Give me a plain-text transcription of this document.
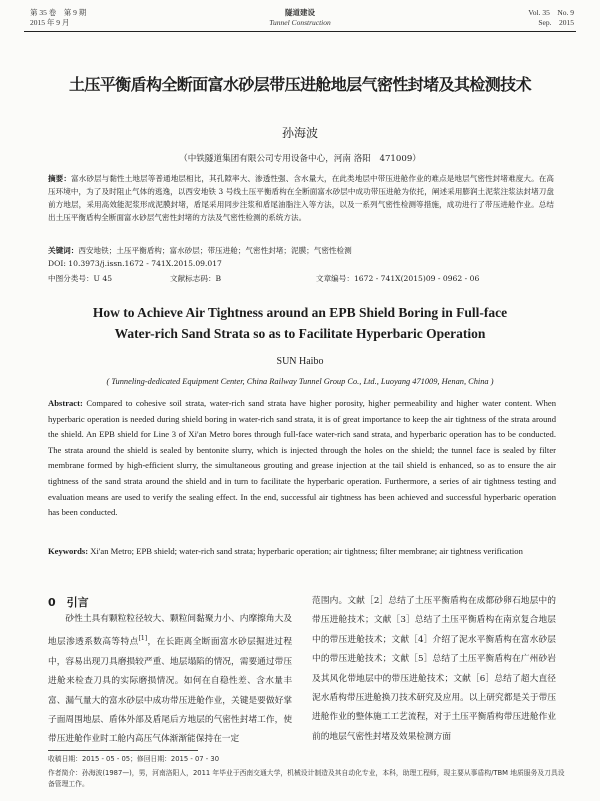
第 35 卷　第 9 期
2015 年 9 月
隧道建设
Tunnel Construction
Vol. 35　No. 9
Sep.　2015
土压平衡盾构全断面富水砂层带压进舱地层气密性封堵及其检测技术
孙海波
（中铁隧道集团有限公司专用设备中心，河南 洛阳　471009）
摘要：富水砂层与黏性土地层等普通地层相比，其孔隙率大、渗透性强、含水量大，在此类地层中带压进舱作业的难点是地层气密性封堵难度大。在高压环境中，为了及时阻止气体的逃逸，以西安地铁 3 号线土压平衡盾构在全断面富水砂层中成功带压进舱为依托，阐述采用膨润土泥浆注浆法封堵刀盘前方地层，采用高效能泥浆形成泥膜封堵，盾尾采用同步注浆和盾尾油脂注入等方法，以及一系列气密性检测等措施，成功进行了带压进舱作业。总结出土压平衡盾构全断面富水砂层气密性封堵的方法及气密性检测的系统方法。
关键词：西安地铁；土压平衡盾构；富水砂层；带压进舱；气密性封堵；泥膜；气密性检测
DOI: 10.3973/j.issn.1672 - 741X.2015.09.017
中图分类号：U 45	文献标志码：B	文章编号：1672 - 741X(2015)09 - 0962 - 06
How to Achieve Air Tightness around an EPB Shield Boring in Full-face
Water-rich Sand Strata so as to Facilitate Hyperbaric Operation
SUN Haibo
( Tunneling-dedicated Equipment Center, China Railway Tunnel Group Co., Ltd., Luoyang 471009, Henan, China )
Abstract: Compared to cohesive soil strata, water-rich sand strata have higher porosity, higher permeability and higher water content. When hyperbaric operation is needed during shield boring in water-rich sand strata, it is of great importance to keep the air tightness of the strata around the shield. An EPB shield for Line 3 of Xi'an Metro bores through full-face water-rich sand strata, and hyperbaric operation has to be conducted. The strata around the shield is sealed by bentonite slurry, which is injected through the holes on the shield; the tunnel face is sealed by filter membrane formed by high-efficient slurry, the simultaneous grouting and grease injection at the tail shield is enhanced, so as to ensure the air tightness of the sand strata around the shield and in turn to facilitate the hyperbaric operation. Furthermore, a series of air tightness testing and evaluation means are used to verify the sealing effect. In the end, successful air tightness has been achieved and successful hyperbaric operation has been conducted.
Keywords: Xi'an Metro; EPB shield; water-rich sand strata; hyperbaric operation; air tightness; filter membrane; air tightness verification
0　引言
砂性土具有颗粒粒径较大、颗粒间黏聚力小、内摩擦角大及地层渗透系数高等特点[1]，在长距离全断面富水砂层掘进过程中，容易出现刀具磨损较严重、地层塌陷的情况，需要通过带压进舱来检查刀具的实际磨损情况。如何在自稳性差、含水量丰富、漏气量大的富水砂层中成功带压进舱作业，关键是要做好掌子面周围地层、盾体外部及盾尾后方地层的气密性封堵工作，使带压进舱作业时工舱内高压气体渐渐能保持在一定
范围内。文献［2］总结了土压平衡盾构在成都砂卵石地层中的带压进舱技术；文献［3］总结了土压平衡盾构在南京复合地层中的带压进舱技术；文献［4］介绍了泥水平衡盾构在富水砂层中的带压进舱技术；文献［5］总结了土压平衡盾构在广州砂岩及其风化带地层中的带压进舱技术；文献［6］总结了超大直径泥水盾构带压进舱换刀技术研究及应用。以上研究都是关于带压进舱作业的整体施工工艺流程，对于土压平衡盾构带压进舱作业前的地层气密性封堵及效果检测方面
收稿日期：2015 - 05 - 05；修回日期：2015 - 07 - 30
作者简介：孙海波(1987—)，男，河南洛阳人，2011 年毕业于西南交通大学，机械设计制造及其自动化专业，本科，助理工程师，现主要从事盾构/TBM 地质服务及刀具设备管理工作。
